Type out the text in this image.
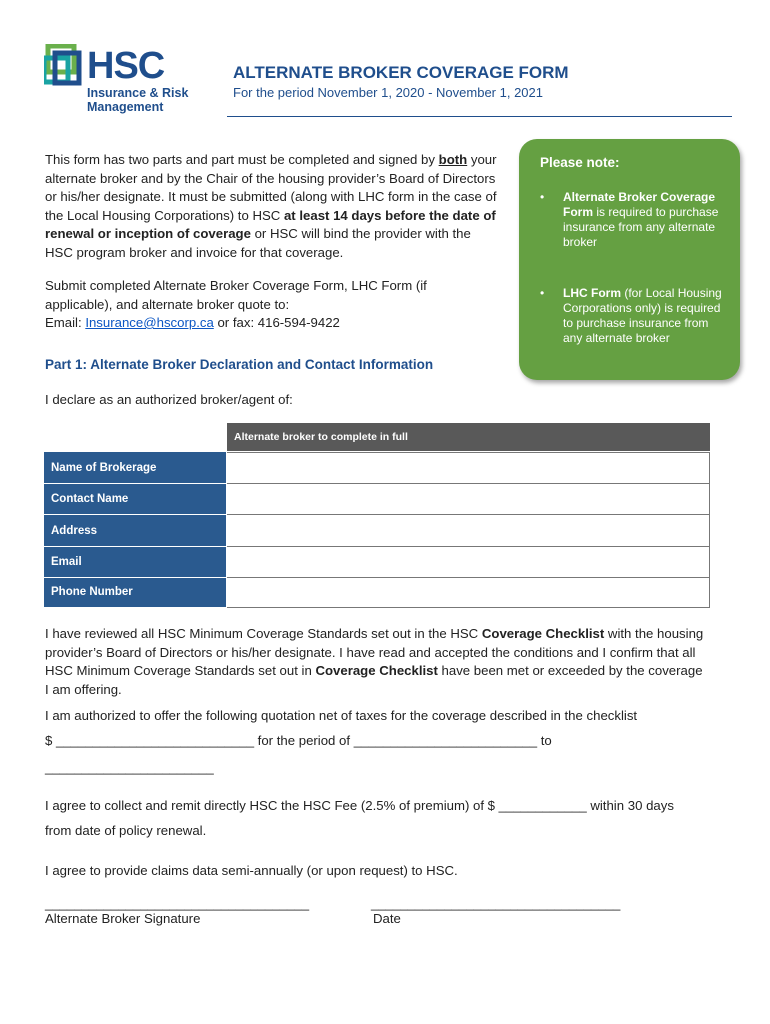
HSC
Insurance & Risk
Management
ALTERNATE BROKER COVERAGE FORM
For the period November 1, 2020 - November 1, 2021
This form has two parts and part must be completed and signed by both your alternate broker and by the Chair of the housing provider’s Board of Directors or his/her designate. It must be submitted (along with LHC form in the case of the Local Housing Corporations) to HSC at least 14 days before the date of renewal or inception of coverage or HSC will bind the provider with the HSC program broker and invoice for that coverage.
Submit completed Alternate Broker Coverage Form, LHC Form (if applicable), and alternate broker quote to:
Email: Insurance@hscorp.ca or fax: 416-594-9422
Please note:
• Alternate Broker Coverage Form is required to purchase insurance from any alternate broker
• LHC Form (for Local Housing Corporations only) is required to purchase insurance from any alternate broker
Part 1: Alternate Broker Declaration and Contact Information
I declare as an authorized broker/agent of:
Alternate broker to complete in full
Name of Brokerage
Contact Name
Address
Email
Phone Number
I have reviewed all HSC Minimum Coverage Standards set out in the HSC Coverage Checklist with the housing provider’s Board of Directors or his/her designate. I have read and accepted the conditions and I confirm that all HSC Minimum Coverage Standards set out in Coverage Checklist have been met or exceeded by the coverage I am offering.
I am authorized to offer the following quotation net of taxes for the coverage described in the checklist
$ ___________________________ for the period of _________________________ to
_______________________
I agree to collect and remit directly HSC the HSC Fee (2.5% of premium) of $ ____________ within 30 days
from date of policy renewal.
I agree to provide claims data semi-annually (or upon request) to HSC.
____________________________________	__________________________________
Alternate Broker Signature	Date
